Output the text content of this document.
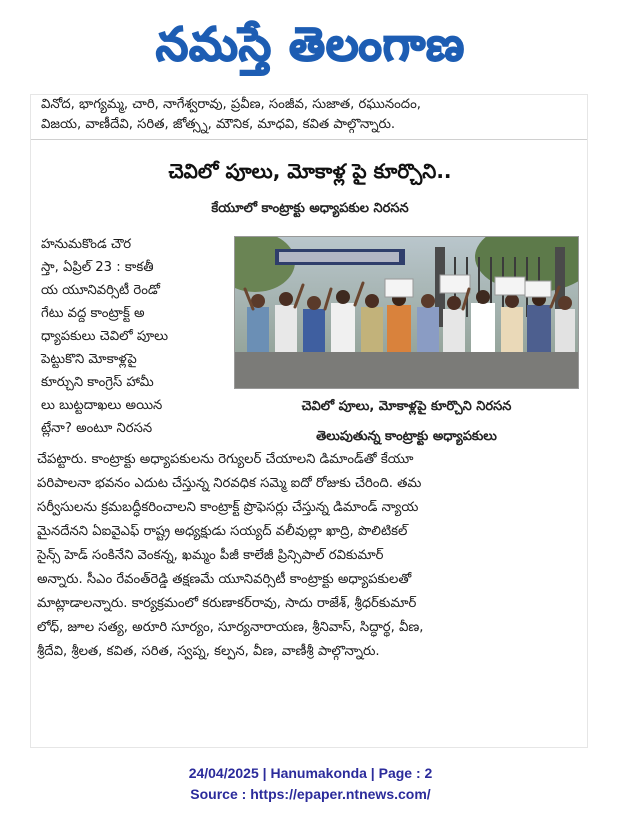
నమస్తే తెలంగాణ
వినోద, భాగ్యమ్మ, చారి, నాగేశ్వరావు, ప్రవీణ, సంజీవ, సుజాత, రఘునందం,
విజయ, వాణీదేవి, సరిత, జోత్స్న, మౌనిక, మాధవి, కవిత పాల్గొన్నారు.
చెవిలో పూలు, మోకాళ్ల పై కూర్చొని..
కేయూలో కాంట్రాక్టు అధ్యాపకుల నిరసన
హనుమకొండ చౌర
స్తా, ఏప్రిల్ 23 : కాకతీ
య యూనివర్సిటీ రెండో
గేటు వద్ద కాంట్రాక్ట్ అ
ధ్యాపకులు చెవిలో పూలు
పెట్టుకొని మోకాళ్లపై
కూర్చుని కాంగ్రెస్ హామీ
లు బుట్టదాఖలు అయిన
ట్లేనా? అంటూ నిరసన
చెవిలో పూలు, మోకాళ్లపై కూర్చొని నిరసన
తెలుపుతున్న కాంట్రాక్టు అధ్యాపకులు
చేపట్టారు. కాంట్రాక్టు అధ్యాపకులను రెగ్యులర్ చేయాలని డిమాండ్‌తో కేయూ
పరిపాలనా భవనం ఎదుట చేస్తున్న నిరవధిక సమ్మె ఐదో రోజుకు చేరింది. తమ
సర్వీసులను క్రమబద్ధీకరించాలని కాంట్రాక్ట్ ప్రొఫెసర్లు చేస్తున్న డిమాండ్ న్యాయ
మైనదేనని ఏఐవైఎఫ్ రాష్ట్ర అధ్యక్షుడు సయ్యద్ వలీవుల్లా ఖాద్రి, పొలిటికల్
సైన్స్ హెడ్ సంకినేని వెంకన్న, ఖమ్మం పీజీ కాలేజీ ప్రిన్సిపాల్ రవికుమార్
అన్నారు. సీఎం రేవంత్‌రెడ్డి తక్షణమే యూనివర్సిటీ కాంట్రాక్టు అధ్యాపకులతో
మాట్లాడాలన్నారు. కార్యక్రమంలో కరుణాకర్‌రావు, సాదు రాజేశ్, శ్రీధర్‌కుమార్
లోధ్, జూల సత్య, అరూరి సూర్యం, సూర్యనారాయణ, శ్రీనివాస్, సిద్ధార్థ, వీణ,
శ్రీదేవి, శ్రీలత, కవిత, సరిత, స్వప్న, కల్పన, వీణ, వాణీశ్రీ పాల్గొన్నారు.
24/04/2025 | Hanumakonda | Page : 2
Source : https://epaper.ntnews.com/
